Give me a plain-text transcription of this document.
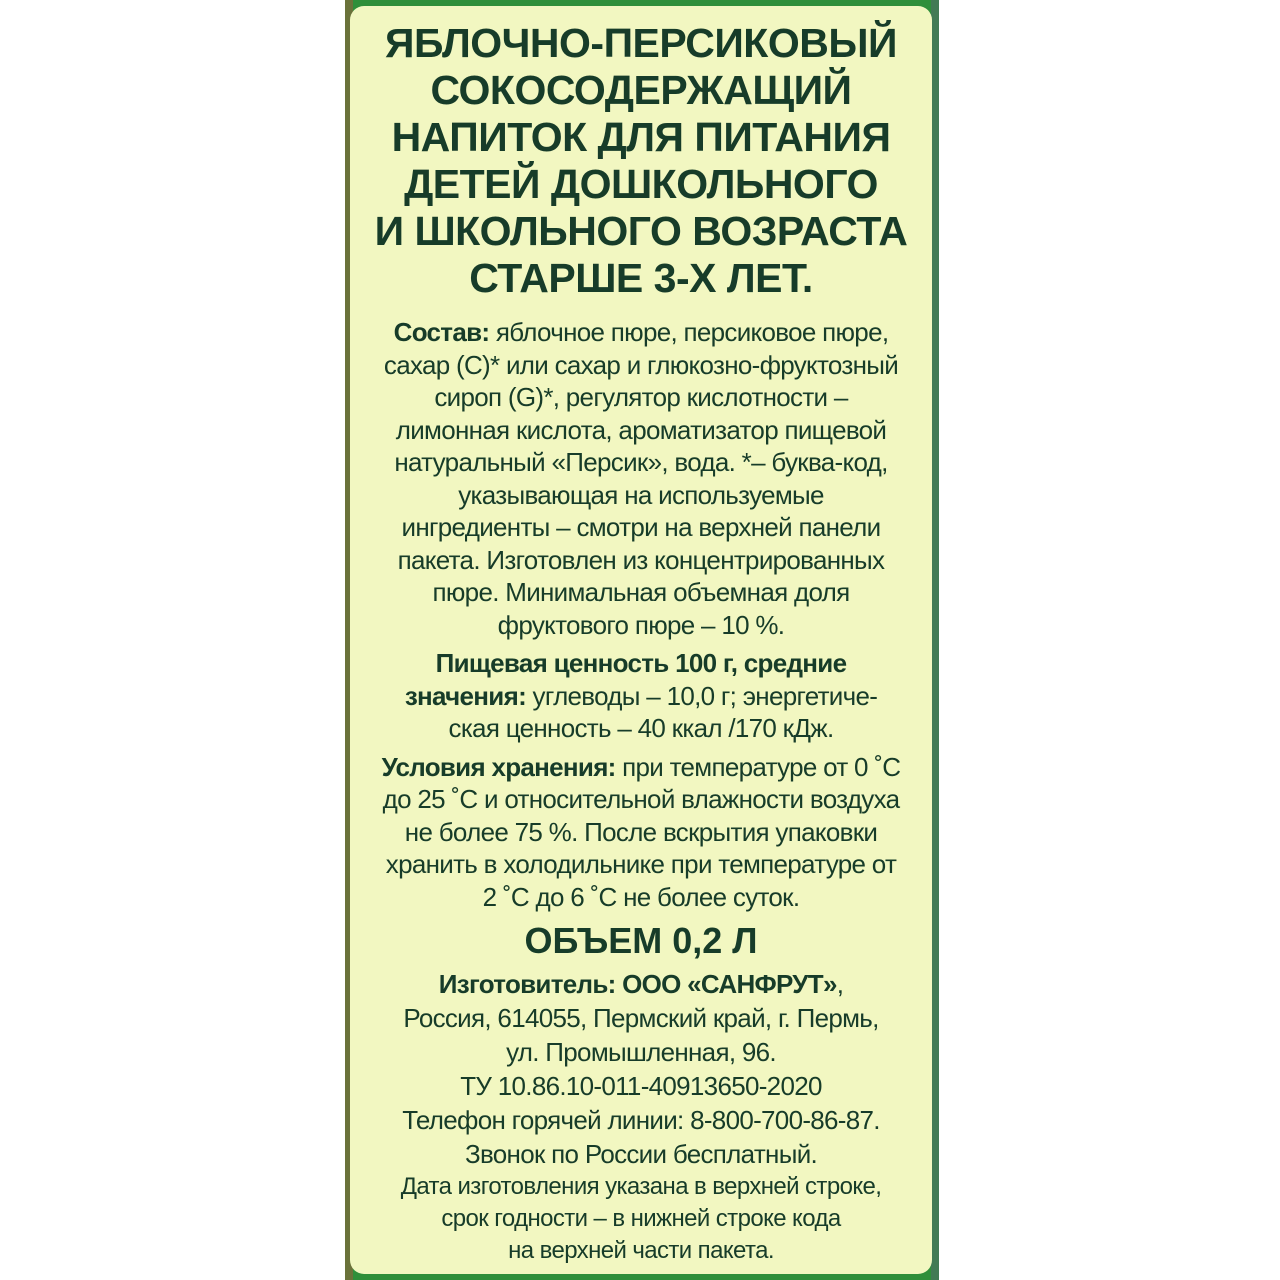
ЯБЛОЧНО-ПЕРСИКОВЫЙ
СОКОСОДЕРЖАЩИЙ
НАПИТОК ДЛЯ ПИТАНИЯ
ДЕТЕЙ ДОШКОЛЬНОГО
И ШКОЛЬНОГО ВОЗРАСТА
СТАРШЕ 3-Х ЛЕТ.
Состав: яблочное пюре, персиковое пюре,
сахар (С)* или сахар и глюкозно-фруктозный
сироп (G)*, регулятор кислотности –
лимонная кислота, ароматизатор пищевой
натуральный «Персик», вода. *– буква-код,
указывающая на используемые
ингредиенты – смотри на верхней панели
пакета. Изготовлен из концентрированных
пюре. Минимальная объемная доля
фруктового пюре – 10 %.
Пищевая ценность 100 г, средние
значения: углеводы – 10,0 г; энергетиче-
ская ценность – 40 ккал /170 кДж.
Условия хранения: при температуре от 0 ˚С
до 25 ˚С и относительной влажности воздуха
не более 75 %. После вскрытия упаковки
хранить в холодильнике при температуре от
2 ˚С до 6 ˚С не более суток.
ОБЪЕМ 0,2 Л
Изготовитель: ООО «САНФРУТ»,
Россия, 614055, Пермский край, г. Пермь,
ул. Промышленная, 96.
ТУ 10.86.10-011-40913650-2020
Телефон горячей линии: 8-800-700-86-87.
Звонок по России бесплатный.
Дата изготовления указана в верхней строке,
срок годности – в нижней строке кода
на верхней части пакета.
